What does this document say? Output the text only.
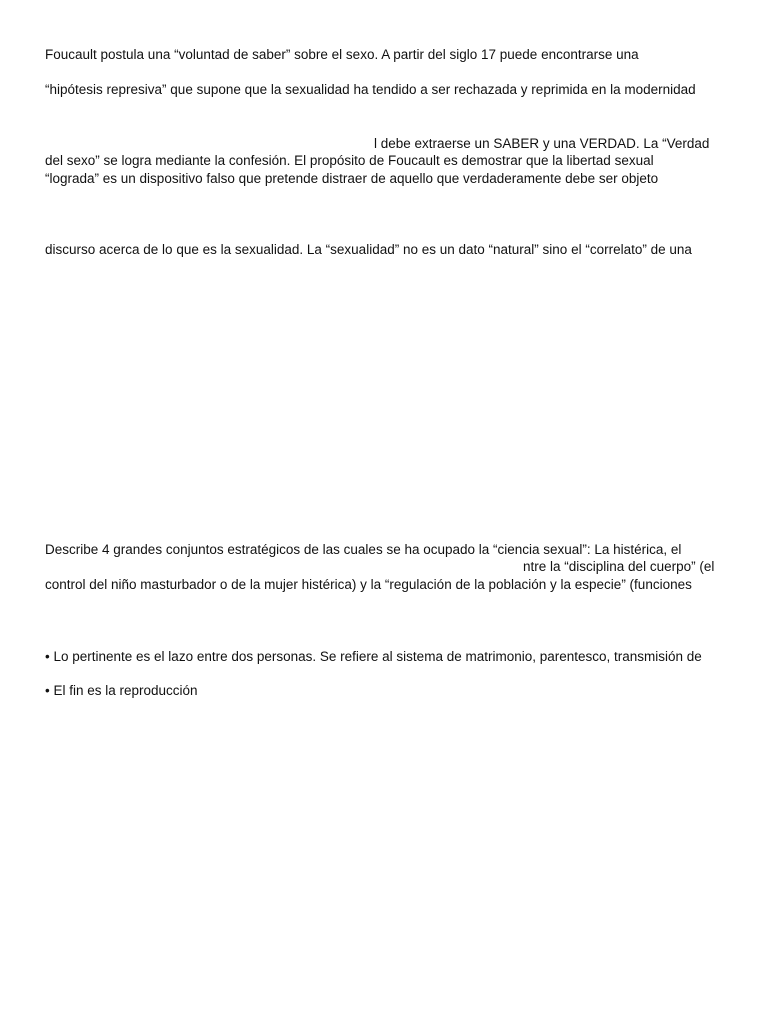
Foucault postula una “voluntad de saber” sobre el sexo. A partir del siglo 17 puede encontrarse una

“hipótesis represiva” que supone que la sexualidad ha tendido a ser rechazada y reprimida en la modernidad

l debe extraerse un SABER y una VERDAD. La “Verdad

del sexo” se logra mediante la confesión. El propósito de Foucault es demostrar que la libertad sexual

“lograda” es un dispositivo falso que pretende distraer de aquello que verdaderamente debe ser objeto

discurso acerca de lo que es la sexualidad. La “sexualidad” no es un dato “natural” sino el “correlato” de una

Describe 4 grandes conjuntos estratégicos de las cuales se ha ocupado la “ciencia sexual”: La histérica, el

ntre la “disciplina del cuerpo” (el

control del niño masturbador o de la mujer histérica) y la “regulación de la población y la especie” (funciones

• Lo pertinente es el lazo entre dos personas. Se refiere al sistema de matrimonio, parentesco, transmisión de

• El fin es la reproducción
